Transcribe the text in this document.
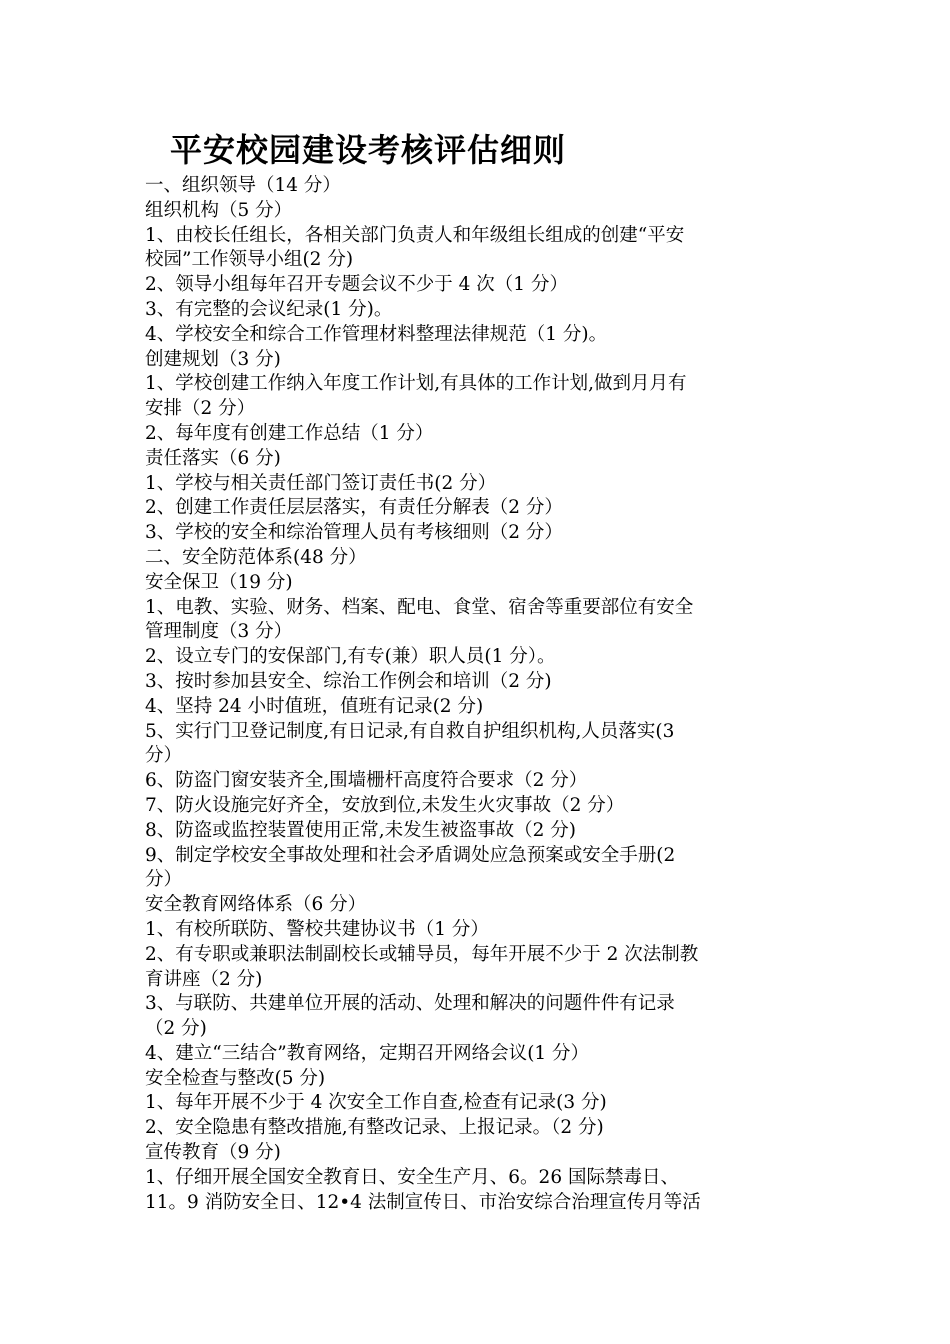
平安校园建设考核评估细则
一、组织领导（14 分）
组织机构（5 分）
1、由校长任组长，各相关部门负责人和年级组长组成的创建“平安
校园”工作领导小组(2 分)
2、领导小组每年召开专题会议不少于 4 次（1 分）
3、有完整的会议纪录(1 分)。
4、学校安全和综合工作管理材料整理法律规范（1 分)。
创建规划（3 分)
1、学校创建工作纳入年度工作计划,有具体的工作计划,做到月月有
安排（2 分）
2、每年度有创建工作总结（1 分）
责任落实（6 分)
1、学校与相关责任部门签订责任书(2 分）
2、创建工作责任层层落实，有责任分解表（2 分）
3、学校的安全和综治管理人员有考核细则（2 分）
二、安全防范体系(48 分）
安全保卫（19 分)
1、电教、实验、财务、档案、配电、食堂、宿舍等重要部位有安全
管理制度（3 分）
2、设立专门的安保部门,有专(兼）职人员(1 分）。
3、按时参加县安全、综治工作例会和培训（2 分)
4、坚持 24 小时值班，值班有记录(2 分)
5、实行门卫登记制度,有日记录,有自救自护组织机构,人员落实(3
分）
6、防盗门窗安装齐全,围墙栅杆高度符合要求（2 分）
7、防火设施完好齐全，安放到位,未发生火灾事故（2 分）
8、防盗或监控装置使用正常,未发生被盗事故（2 分)
9、制定学校安全事故处理和社会矛盾调处应急预案或安全手册(2
分）
安全教育网络体系（6 分）
1、有校所联防、警校共建协议书（1 分）
2、有专职或兼职法制副校长或辅导员，每年开展不少于 2 次法制教
育讲座（2 分)
3、与联防、共建单位开展的活动、处理和解决的问题件件有记录
（2 分)
4、建立“三结合”教育网络，定期召开网络会议(1 分）
安全检查与整改(5 分)
1、每年开展不少于 4 次安全工作自查,检查有记录(3 分)
2、安全隐患有整改措施,有整改记录、上报记录。（2 分)
宣传教育（9 分)
1、仔细开展全国安全教育日、安全生产月、6。26 国际禁毒日、
11。9 消防安全日、12•4 法制宣传日、市治安综合治理宣传月等活
